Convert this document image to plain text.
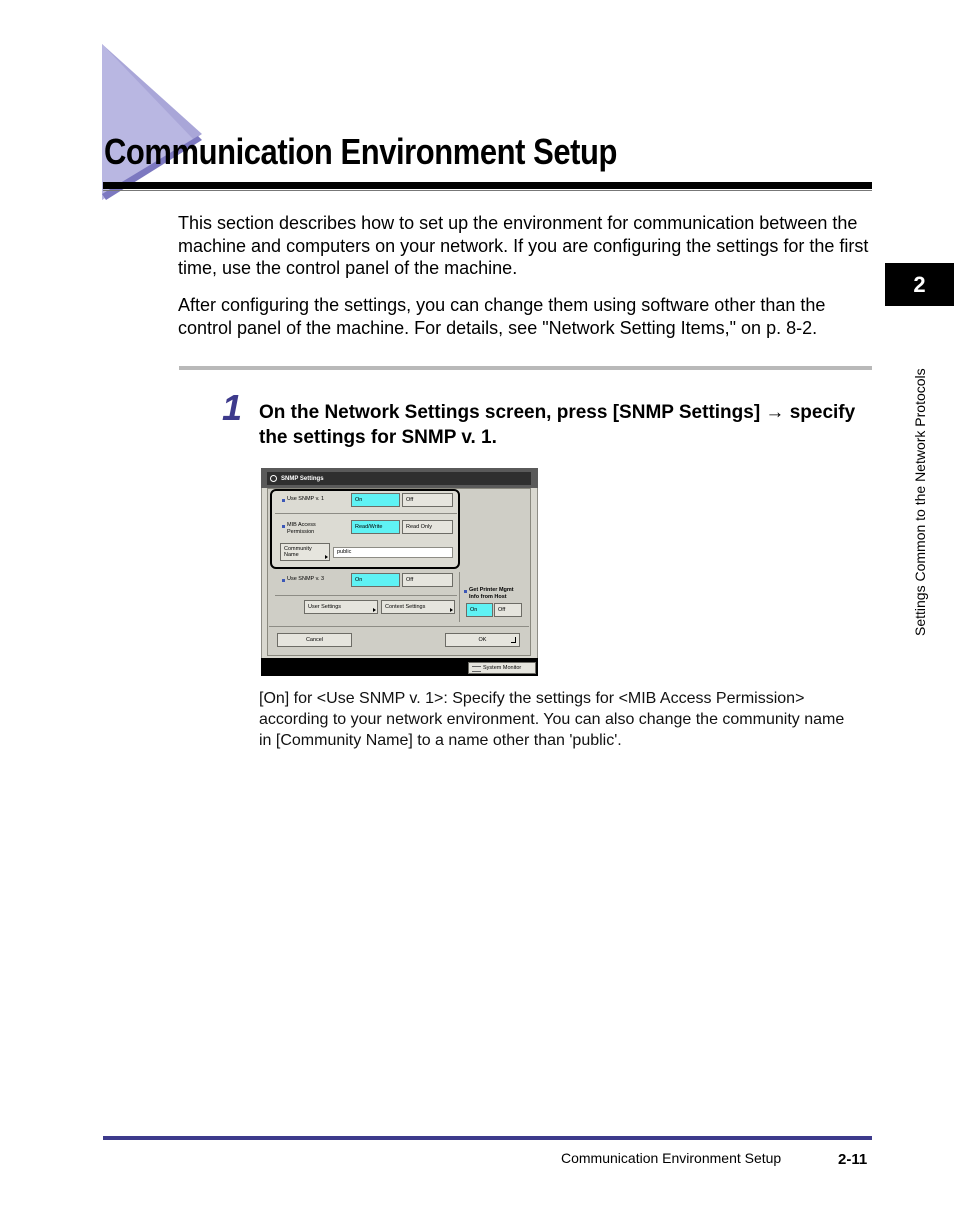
Communication Environment Setup
This section describes how to set up the environment for communication between the machine and computers on your network. If you are configuring the settings for the first time, use the control panel of the machine.
After configuring the settings, you can change them using software other than the control panel of the machine. For details, see "Network Setting Items," on p. 8-2.
1 On the Network Settings screen, press [SNMP Settings] → specify the settings for SNMP v. 1.
SNMP Settings
Use SNMP v. 1	On	Off
MIB Access
Permission
Read/Write	Read Only
Community
Name	public
Use SNMP v. 3	On	Off
Get Printer Mgmt
Info from Host
On	Off
User Settings	Context Settings
Cancel	OK
System Monitor
[On] for <Use SNMP v. 1>: Specify the settings for <MIB Access Permission> according to your network environment. You can also change the community name in [Community Name] to a name other than 'public'.
2
Settings Common to the Network Protocols
Communication Environment Setup	2-11
